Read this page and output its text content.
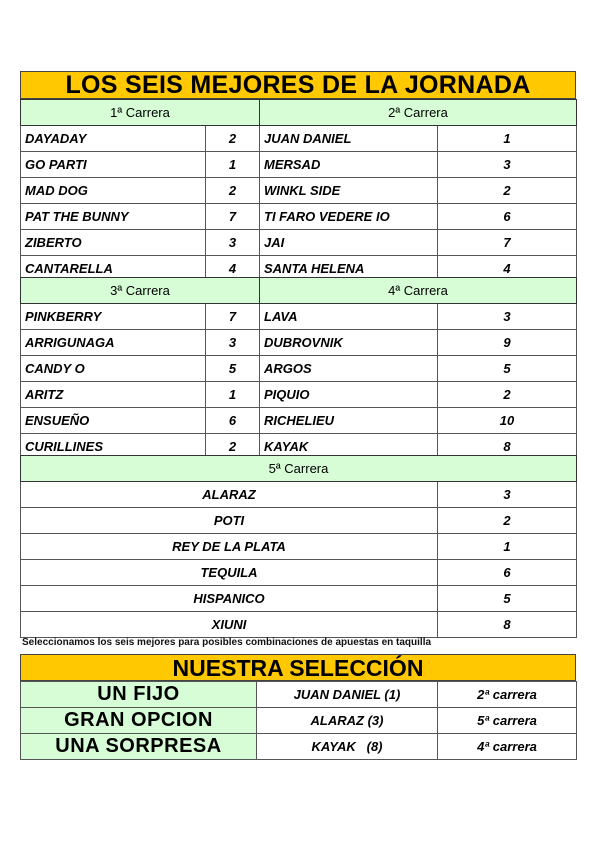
LOS SEIS MEJORES DE LA JORNADA
1ª Carrera		2ª Carrera	
DAYADAY	2	JUAN DANIEL	1
GO PARTI	1	MERSAD	3
MAD DOG	2	WINKL SIDE	2
PAT THE BUNNY	7	TI FARO VEDERE IO	6
ZIBERTO	3	JAI	7
CANTARELLA	4	SANTA HELENA	4
3ª Carrera		4ª Carrera	
PINKBERRY	7	LAVA	3
ARRIGUNAGA	3	DUBROVNIK	9
CANDY O	5	ARGOS	5
ARITZ	1	PIQUIO	2
ENSUEÑO	6	RICHELIEU	10
CURILLINES	2	KAYAK	8
5ª Carrera	
ALARAZ	3
POTI	2
REY DE LA PLATA	1
TEQUILA	6
HISPANICO	5
XIUNI	8
Seleccionamos los seis mejores para posibles combinaciones de apuestas en taquilla
NUESTRA SELECCIÓN
UN FIJO	JUAN DANIEL (1)	2ª carrera
GRAN OPCION	ALARAZ (3)	5ª carrera
UNA SORPRESA	KAYAK   (8)	4ª carrera
